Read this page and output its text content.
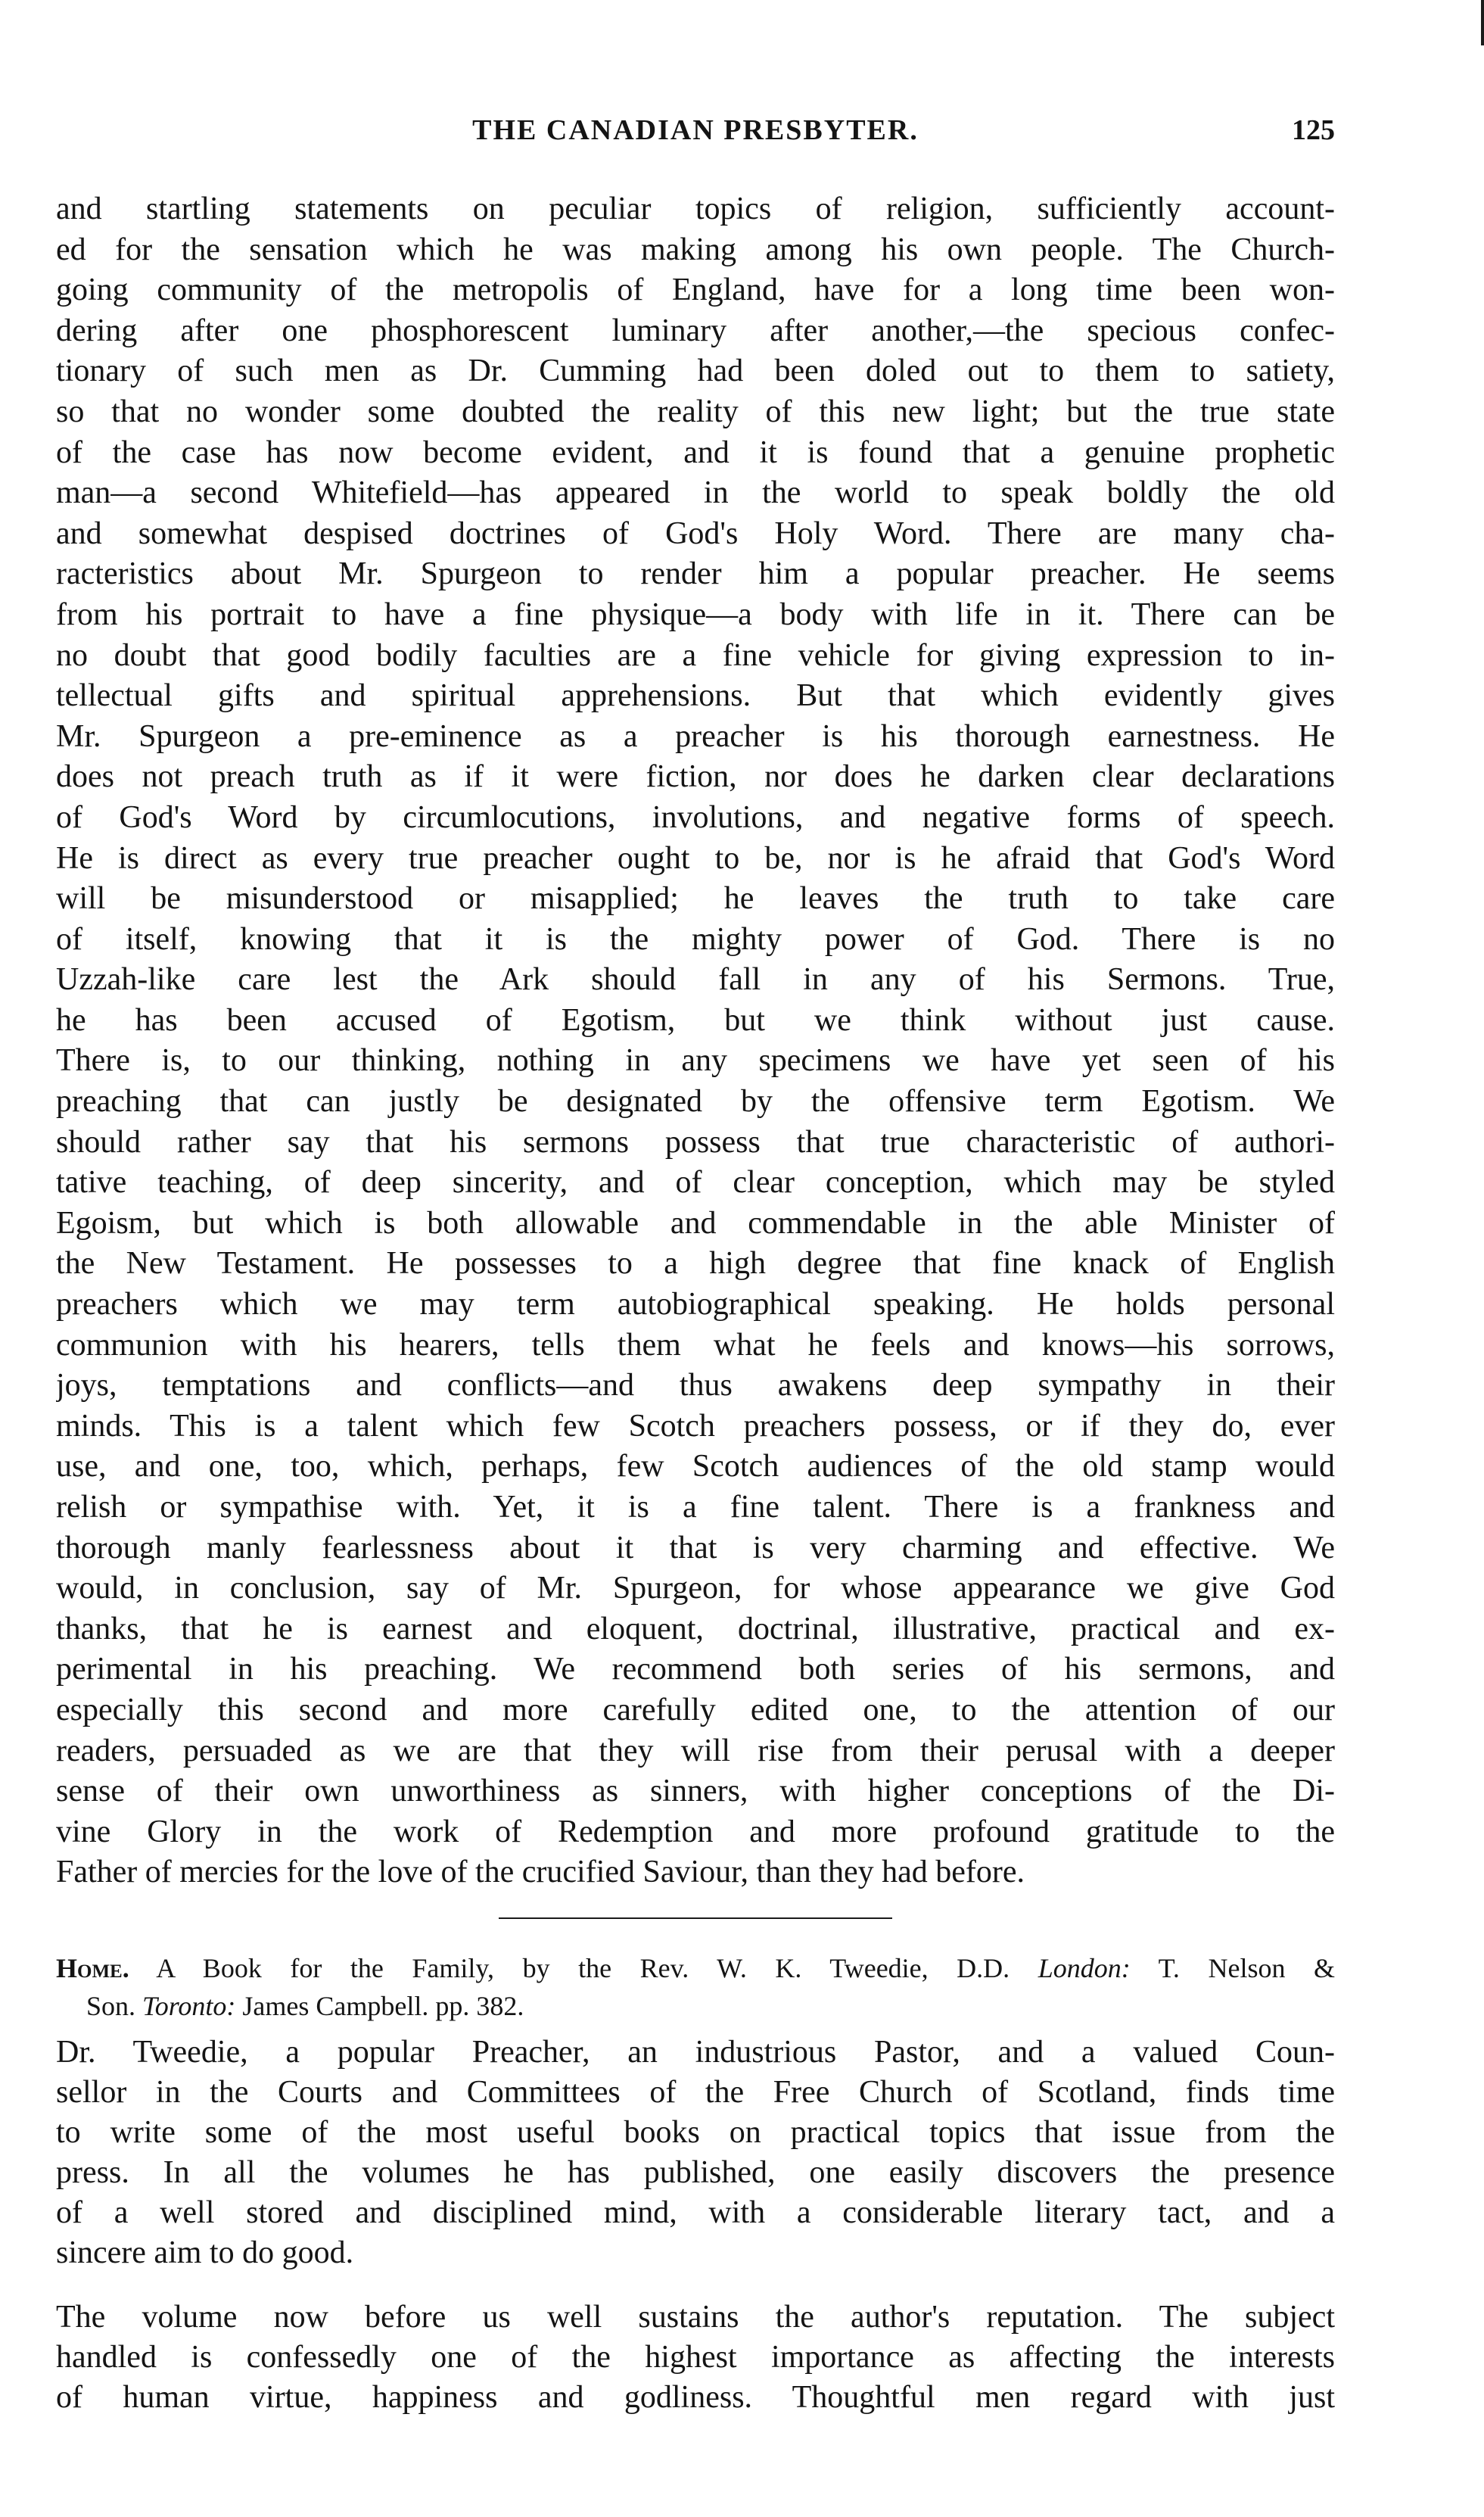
THE CANADIAN PRESBYTER.	125
and startling statements on peculiar topics of religion, sufficiently account-
ed for the sensation which he was making among his own people. The Church-
going community of the metropolis of England, have for a long time been won-
dering after one phosphorescent luminary after another,—the specious confec-
tionary of such men as Dr. Cumming had been doled out to them to satiety,
so that no wonder some doubted the reality of this new light; but the true state
of the case has now become evident, and it is found that a genuine prophetic
man—a second Whitefield—has appeared in the world to speak boldly the old
and somewhat despised doctrines of God's Holy Word. There are many cha-
racteristics about Mr. Spurgeon to render him a popular preacher. He seems
from his portrait to have a fine physique—a body with life in it. There can be
no doubt that good bodily faculties are a fine vehicle for giving expression to in-
tellectual gifts and spiritual apprehensions. But that which evidently gives
Mr. Spurgeon a pre-eminence as a preacher is his thorough earnestness. He
does not preach truth as if it were fiction, nor does he darken clear declarations
of God's Word by circumlocutions, involutions, and negative forms of speech.
He is direct as every true preacher ought to be, nor is he afraid that God's Word
will be misunderstood or misapplied; he leaves the truth to take care
of itself, knowing that it is the mighty power of God. There is no
Uzzah-like care lest the Ark should fall in any of his Sermons. True,
he has been accused of Egotism, but we think without just cause.
There is, to our thinking, nothing in any specimens we have yet seen of his
preaching that can justly be designated by the offensive term Egotism. We
should rather say that his sermons possess that true characteristic of authori-
tative teaching, of deep sincerity, and of clear conception, which may be styled
Egoism, but which is both allowable and commendable in the able Minister of
the New Testament. He possesses to a high degree that fine knack of English
preachers which we may term autobiographical speaking. He holds personal
communion with his hearers, tells them what he feels and knows—his sorrows,
joys, temptations and conflicts—and thus awakens deep sympathy in their
minds. This is a talent which few Scotch preachers possess, or if they do, ever
use, and one, too, which, perhaps, few Scotch audiences of the old stamp would
relish or sympathise with. Yet, it is a fine talent. There is a frankness and
thorough manly fearlessness about it that is very charming and effective. We
would, in conclusion, say of Mr. Spurgeon, for whose appearance we give God
thanks, that he is earnest and eloquent, doctrinal, illustrative, practical and ex-
perimental in his preaching. We recommend both series of his sermons, and
especially this second and more carefully edited one, to the attention of our
readers, persuaded as we are that they will rise from their perusal with a deeper
sense of their own unworthiness as sinners, with higher conceptions of the Di-
vine Glory in the work of Redemption and more profound gratitude to the
Father of mercies for the love of the crucified Saviour, than they had before.
Home. A Book for the Family, by the Rev. W. K. Tweedie, D.D. London: T. Nelson &
Son. Toronto: James Campbell. pp. 382.
Dr. Tweedie, a popular Preacher, an industrious Pastor, and a valued Coun-
sellor in the Courts and Committees of the Free Church of Scotland, finds time
to write some of the most useful books on practical topics that issue from the
press. In all the volumes he has published, one easily discovers the presence
of a well stored and disciplined mind, with a considerable literary tact, and a
sincere aim to do good.
The volume now before us well sustains the author's reputation. The subject
handled is confessedly one of the highest importance as affecting the interests
of human virtue, happiness and godliness. Thoughtful men regard with just
